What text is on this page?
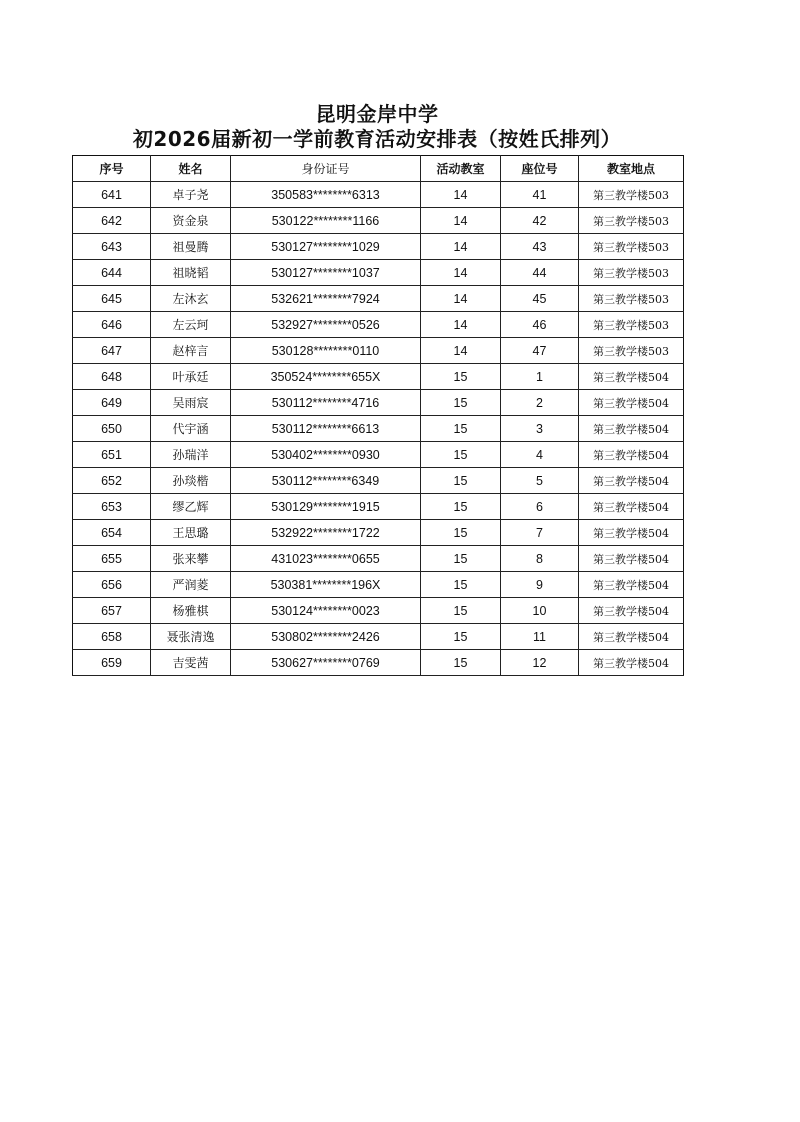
昆明金岸中学
初2026届新初一学前教育活动安排表（按姓氏排列）
序号	姓名	身份证号	活动教室	座位号	教室地点
641	卓子尧	350583********6313	14	41	第三教学楼503
642	资金泉	530122********1166	14	42	第三教学楼503
643	祖曼腾	530127********1029	14	43	第三教学楼503
644	祖晓韬	530127********1037	14	44	第三教学楼503
645	左沐玄	532621********7924	14	45	第三教学楼503
646	左云珂	532927********0526	14	46	第三教学楼503
647	赵梓言	530128********0110	14	47	第三教学楼503
648	叶承廷	350524********655X	15	1	第三教学楼504
649	吴雨宸	530112********4716	15	2	第三教学楼504
650	代宇涵	530112********6613	15	3	第三教学楼504
651	孙瑞洋	530402********0930	15	4	第三教学楼504
652	孙琰楷	530112********6349	15	5	第三教学楼504
653	缪乙辉	530129********1915	15	6	第三教学楼504
654	王思璐	532922********1722	15	7	第三教学楼504
655	张来攀	431023********0655	15	8	第三教学楼504
656	严润菱	530381********196X	15	9	第三教学楼504
657	杨雅棋	530124********0023	15	10	第三教学楼504
658	聂张清逸	530802********2426	15	11	第三教学楼504
659	吉雯茜	530627********0769	15	12	第三教学楼504
